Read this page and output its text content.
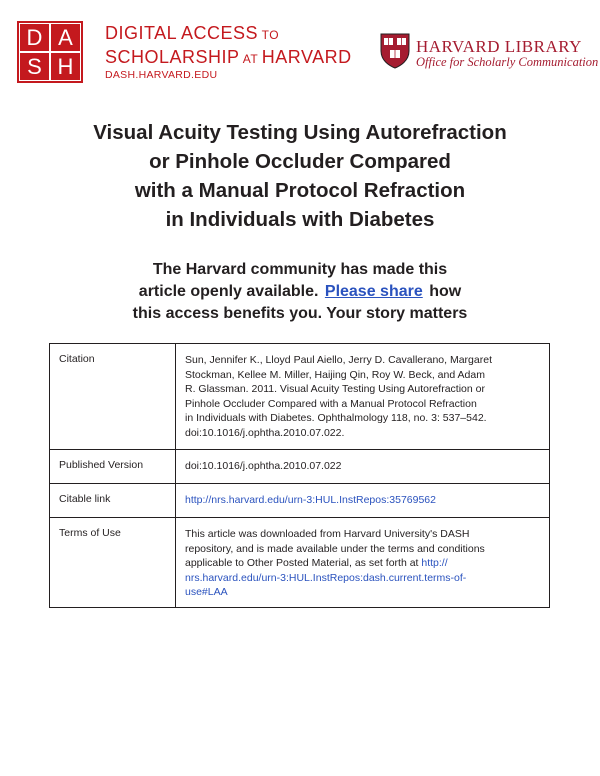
D A
S H
DIGITAL ACCESS TO
SCHOLARSHIP AT HARVARD
DASH.HARVARD.EDU
HARVARD LIBRARY
Office for Scholarly Communication
Visual Acuity Testing Using Autorefraction
or Pinhole Occluder Compared
with a Manual Protocol Refraction
in Individuals with Diabetes
The Harvard community has made this
article openly available. Please share how
this access benefits you. Your story matters
Citation	Sun, Jennifer K., Lloyd Paul Aiello, Jerry D. Cavallerano, Margaret
Stockman, Kellee M. Miller, Haijing Qin, Roy W. Beck, and Adam
R. Glassman. 2011. Visual Acuity Testing Using Autorefraction or
Pinhole Occluder Compared with a Manual Protocol Refraction
in Individuals with Diabetes. Ophthalmology 118, no. 3: 537–542.
doi:10.1016/j.ophtha.2010.07.022.
Published Version	doi:10.1016/j.ophtha.2010.07.022
Citable link	http://nrs.harvard.edu/urn-3:HUL.InstRepos:35769562
Terms of Use	This article was downloaded from Harvard University's DASH
repository, and is made available under the terms and conditions
applicable to Other Posted Material, as set forth at http://
nrs.harvard.edu/urn-3:HUL.InstRepos:dash.current.terms-of-
use#LAA
